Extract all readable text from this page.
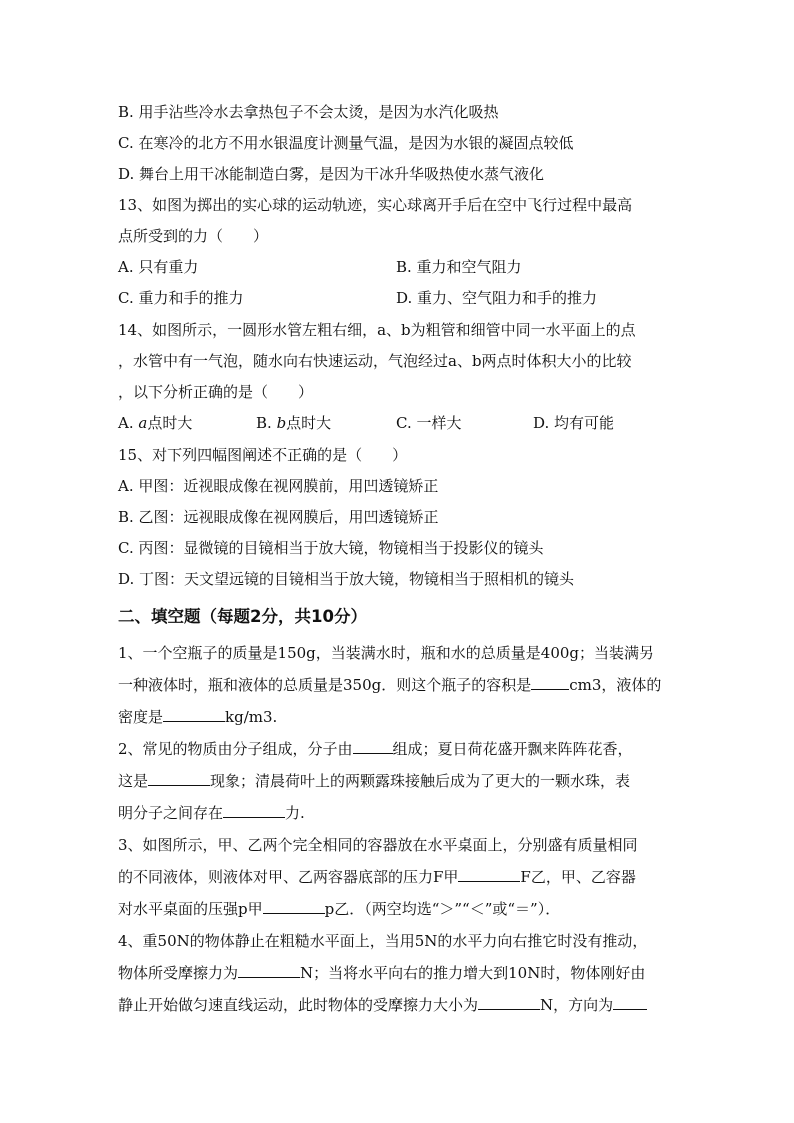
B. 用手沾些冷水去拿热包子不会太烫，是因为水汽化吸热
C. 在寒冷的北方不用水银温度计测量气温，是因为水银的凝固点较低
D. 舞台上用干冰能制造白雾，是因为干冰升华吸热使水蒸气液化
13、如图为掷出的实心球的运动轨迹，实心球离开手后在空中飞行过程中最高
点所受到的力（　　）
A. 只有重力	B. 重力和空气阻力
C. 重力和手的推力	D. 重力、空气阻力和手的推力
14、如图所示，一圆形水管左粗右细，a、b为粗管和细管中同一水平面上的点
，水管中有一气泡，随水向右快速运动，气泡经过a、b两点时体积大小的比较
，以下分析正确的是（　　）
A. a点时大	B. b点时大	C. 一样大	D. 均有可能
15、对下列四幅图阐述不正确的是（　　）
A. 甲图：近视眼成像在视网膜前，用凹透镜矫正
B. 乙图：远视眼成像在视网膜后，用凹透镜矫正
C. 丙图：显微镜的目镜相当于放大镜，物镜相当于投影仪的镜头
D. 丁图：天文望远镜的目镜相当于放大镜，物镜相当于照相机的镜头
二、填空题（每题2分，共10分）
1、一个空瓶子的质量是150g，当装满水时，瓶和水的总质量是400g；当装满另
一种液体时，瓶和液体的总质量是350g．则这个瓶子的容积是	cm3，液体的
密度是	kg/m3.
2、常见的物质由分子组成，分子由	组成；夏日荷花盛开飘来阵阵花香，
这是	现象；清晨荷叶上的两颗露珠接触后成为了更大的一颗水珠，表
明分子之间存在	力.
3、如图所示，甲、乙两个完全相同的容器放在水平桌面上，分别盛有质量相同
的不同液体，则液体对甲、乙两容器底部的压力F甲	F乙，甲、乙容器
对水平桌面的压强p甲	p乙．（两空均选“＞”“＜”或“＝”）．
4、重50N的物体静止在粗糙水平面上，当用5N的水平力向右推它时没有推动，
物体所受摩擦力为	N；当将水平向右的推力增大到10N时，物体刚好由
静止开始做匀速直线运动，此时物体的受摩擦力大小为	N，方向为
